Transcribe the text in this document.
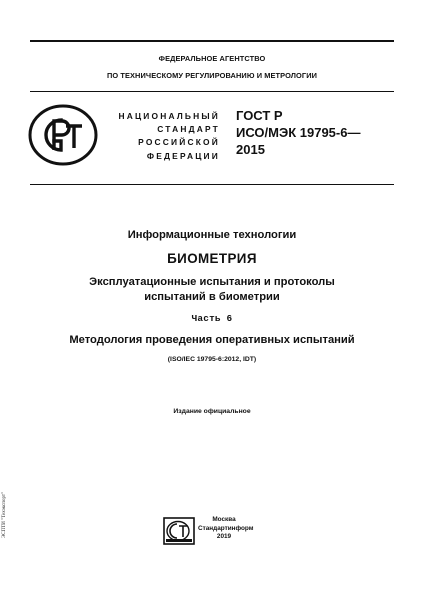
ФЕДЕРАЛЬНОЕ АГЕНТСТВО
ПО ТЕХНИЧЕСКОМУ РЕГУЛИРОВАНИЮ И МЕТРОЛОГИИ
НАЦИОНАЛЬНЫЙ
СТАНДАРТ
РОССИЙСКОЙ
ФЕДЕРАЦИИ
ГОСТ Р
ИСО/МЭК 19795-6—
2015
Информационные технологии
БИОМЕТРИЯ
Эксплуатационные испытания и протоколы
испытаний в биометрии
Часть 6
Методология проведения оперативных испытаний
(ISO/IEC 19795-6:2012, IDT)
Издание официальное
Москва
Стандартинформ
2019
ЭСПТИ "Техэкспорт"
